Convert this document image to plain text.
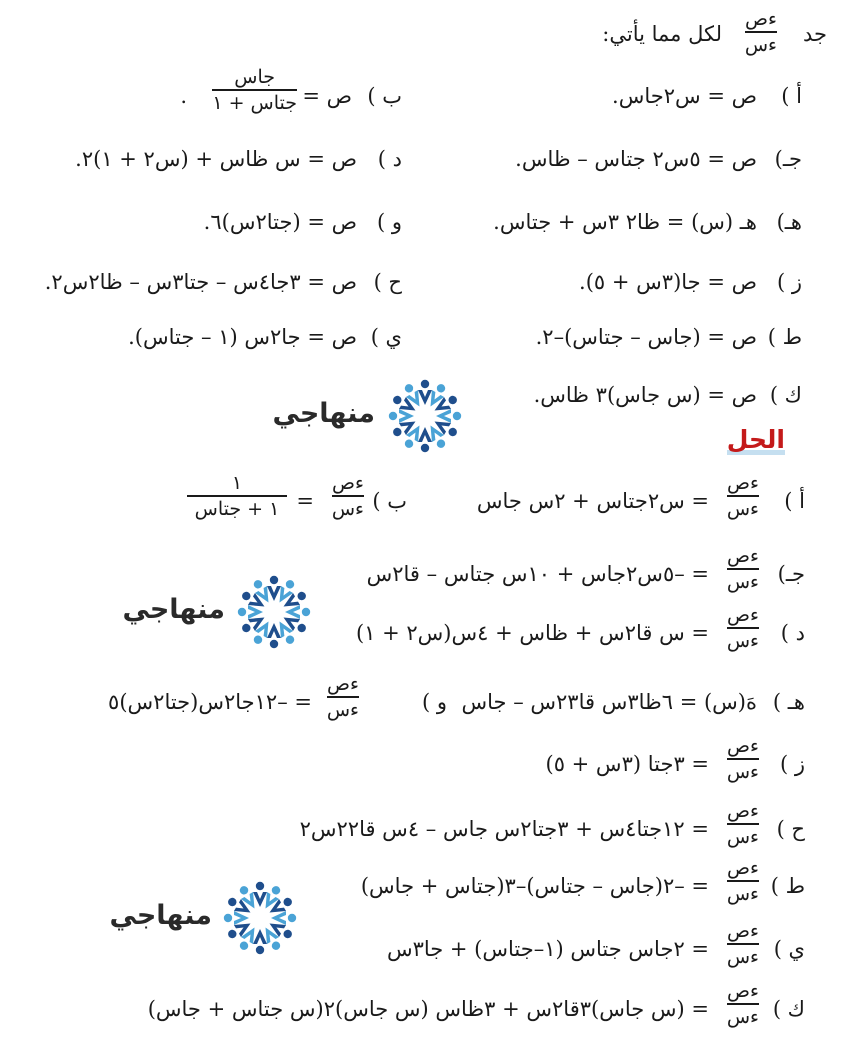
جد
ءص
ءس
لكل مما يأتي:
أ )
ص = س٢جاس.
جـ)
ص = ٥س٢ جتاس – ظاس.
هـ)
هـ (س) = ظا٢ ٣س + جتاس.
ز )
ص = جا(٣س + ٥).
ط )
ص = (جاس – جتاس)–٢.
ك )
ص = (س جاس)٣ ظاس.
ب )
ص =
جاس
جتاس + ١
.
د )
ص = س ظاس + (س٢ + ١)٢.
و )
ص = (جتا٢س)٦.
ح )
ص = ٣جا٤س – جتا٣س – ظا٢س٢.
ي )
ص = جا٢س (١ – جتاس).
منهاجي
الحل
أ )
ءص
ءس
= س٢جتاس + ٢س جاس
ب )
ءص
ءس
=
١
١ + جتاس
جـ)
ءص
ءس
= –٥س٢جاس + ١٠س جتاس – قا٢س
منهاجي
د )
ءص
ءس
= س قا٢س + ظاس + ٤س(س٢ + ١)
هـ )
هَ(س) = ٦ظا٣س قا٢٣س – جاس
و )
ءص
ءس
= –١٢جا٢س(جتا٢س)٥
ز )
ءص
ءس
= ٣جتا (٣س + ٥)
ح )
ءص
ءس
= ١٢جتا٤س + ٣جتا٢س جاس – ٤س قا٢٢س٢
ط )
ءص
ءس
= –٢(جاس – جتاس)–٣(جتاس + جاس)
منهاجي
ي )
ءص
ءس
= ٢جاس جتاس (١–جتاس) + جا٣س
ك )
ءص
ءس
= (س جاس)٣قا٢س + ٣ظاس (س جاس)٢(س جتاس + جاس)
